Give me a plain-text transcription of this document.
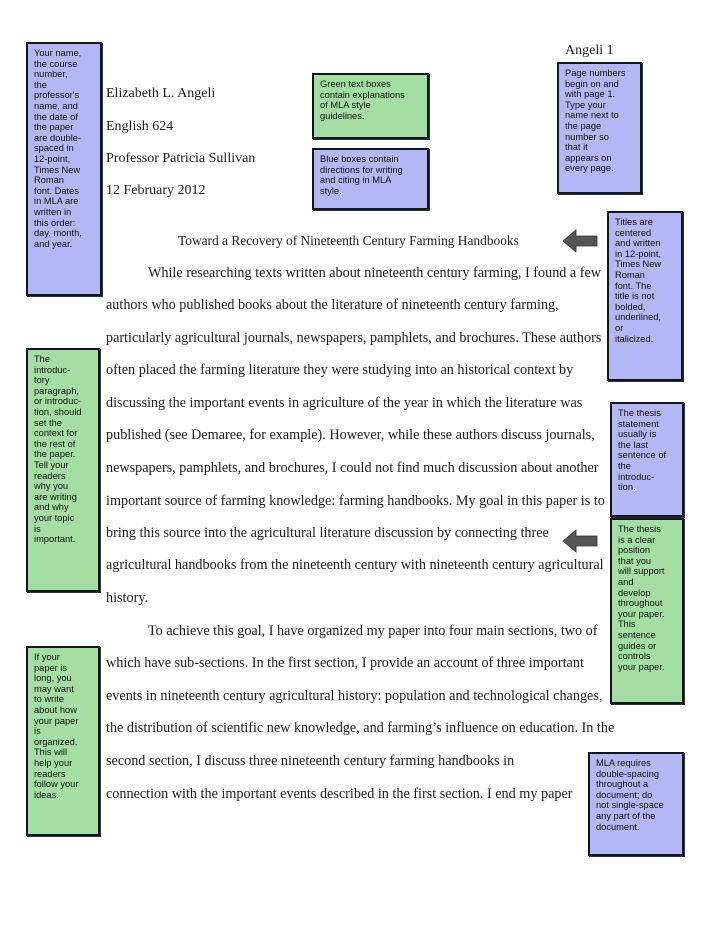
Angeli 1
Elizabeth L. Angeli
English 624
Professor Patricia Sullivan
12 February 2012
Toward a Recovery of Nineteenth Century Farming Handbooks
While researching texts written about nineteenth century farming, I found a few
authors who published books about the literature of nineteenth century farming,
particularly agricultural journals, newspapers, pamphlets, and brochures. These authors
often placed the farming literature they were studying into an historical context by
discussing the important events in agriculture of the year in which the literature was
published (see Demaree, for example). However, while these authors discuss journals,
newspapers, pamphlets, and brochures, I could not find much discussion about another
important source of farming knowledge: farming handbooks. My goal in this paper is to
bring this source into the agricultural literature discussion by connecting three
agricultural handbooks from the nineteenth century with nineteenth century agricultural
history.
To achieve this goal, I have organized my paper into four main sections, two of
which have sub-sections. In the first section, I provide an account of three important
events in nineteenth century agricultural history: population and technological changes,
the distribution of scientific new knowledge, and farming’s influence on education. In the
second section, I discuss three nineteenth century farming handbooks in
connection with the important events described in the first section. I end my paper
Your name,
the course
number,
the
professor's
name, and
the date of
the paper
are double-
spaced in
12-point,
Times New
Roman
font. Dates
in MLA are
written in
this order:
day, month,
and year.
Green text boxes
contain explanations
of MLA style
guidelines.
Blue boxes contain
directions for writing
and citing in MLA
style.
Page numbers
begin on and
with page 1.
Type your
name next to
the page
number so
that it
appears on
every page.
Titles are
centered
and written
in 12-point,
Times New
Roman
font. The
title is not
bolded,
underlined,
or
italicized.
The
introduc-
tory
paragraph,
or introduc-
tion, should
set the
context for
the rest of
the paper.
Tell your
readers
why you
are writing
and why
your topic
is
important.
The thesis
statement
usually is
the last
sentence of
the
introduc-
tion.
The thesis
is a clear
position
that you
will support
and
develop
throughout
your paper.
This
sentence
guides or
controls
your paper.
If your
paper is
long, you
may want
to write
about how
your paper
is
organized.
This will
help your
readers
follow your
ideas.
MLA requires
double-spacing
throughout a
document; do
not single-space
any part of the
document.
